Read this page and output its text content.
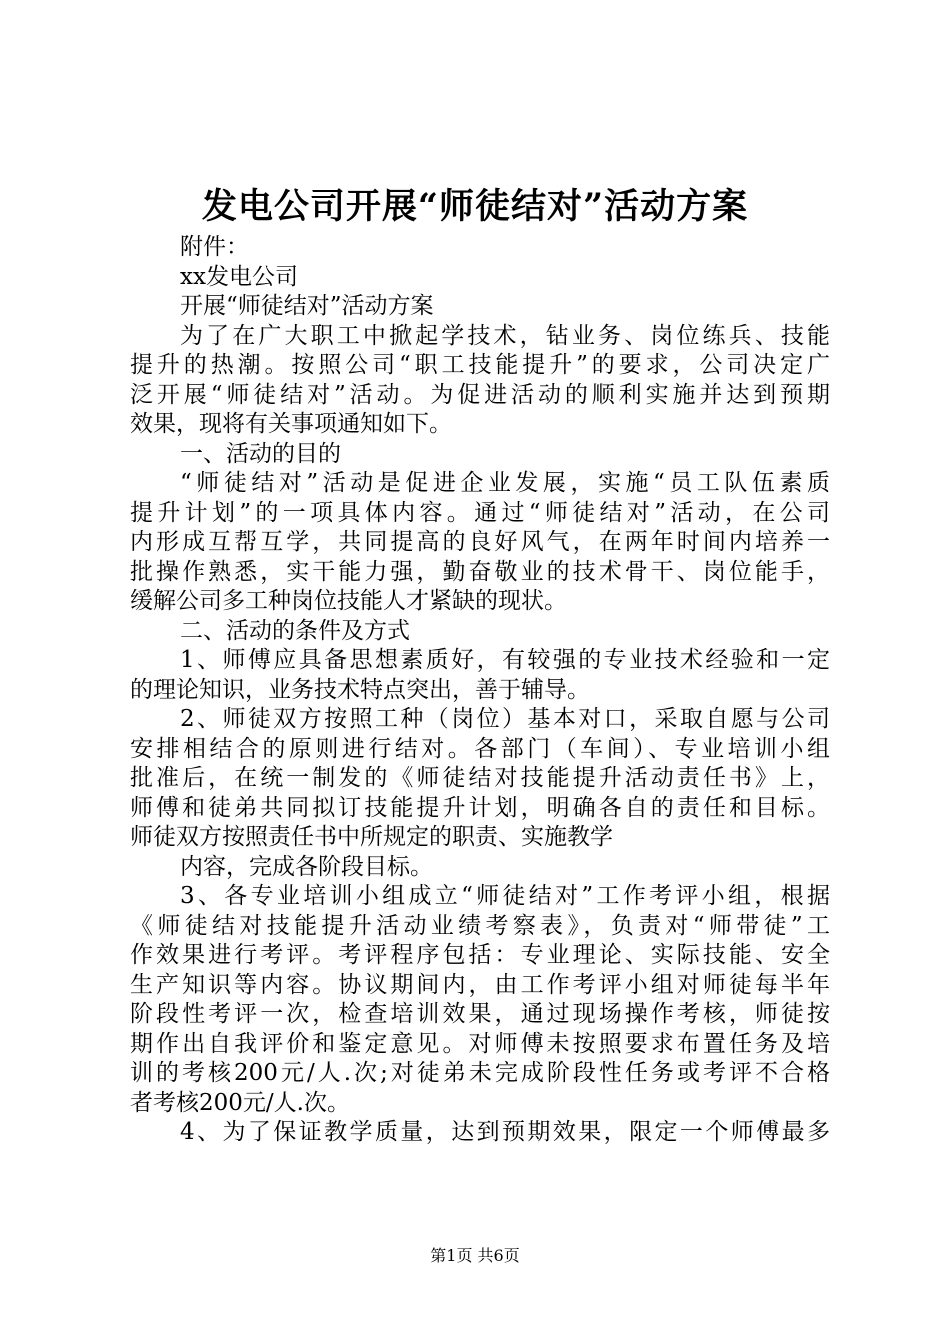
发电公司开展“师徒结对”活动方案
附件：
xx发电公司
开展“师徒结对”活动方案
为了在广大职工中掀起学技术，钻业务、岗位练兵、技能
提升的热潮。按照公司“职工技能提升”的要求，公司决定广
泛开展“师徒结对”活动。为促进活动的顺利实施并达到预期
效果，现将有关事项通知如下。
一、活动的目的
“师徒结对”活动是促进企业发展，实施“员工队伍素质
提升计划”的一项具体内容。通过“师徒结对”活动，在公司
内形成互帮互学，共同提高的良好风气，在两年时间内培养一
批操作熟悉，实干能力强，勤奋敬业的技术骨干、岗位能手，
缓解公司多工种岗位技能人才紧缺的现状。
二、活动的条件及方式
1、师傅应具备思想素质好，有较强的专业技术经验和一定
的理论知识，业务技术特点突出，善于辅导。
2、师徒双方按照工种（岗位）基本对口，采取自愿与公司
安排相结合的原则进行结对。各部门（车间）、专业培训小组
批准后，在统一制发的《师徒结对技能提升活动责任书》上，
师傅和徒弟共同拟订技能提升计划，明确各自的责任和目标。
师徒双方按照责任书中所规定的职责、实施教学
内容，完成各阶段目标。
3、各专业培训小组成立“师徒结对”工作考评小组，根据
《师徒结对技能提升活动业绩考察表》，负责对“师带徒”工
作效果进行考评。考评程序包括：专业理论、实际技能、安全
生产知识等内容。协议期间内，由工作考评小组对师徒每半年
阶段性考评一次，检查培训效果，通过现场操作考核，师徒按
期作出自我评价和鉴定意见。对师傅未按照要求布置任务及培
训的考核200元/人.次;对徒弟未完成阶段性任务或考评不合格
者考核200元/人.次。
4、为了保证教学质量，达到预期效果，限定一个师傅最多
第1页 共6页
